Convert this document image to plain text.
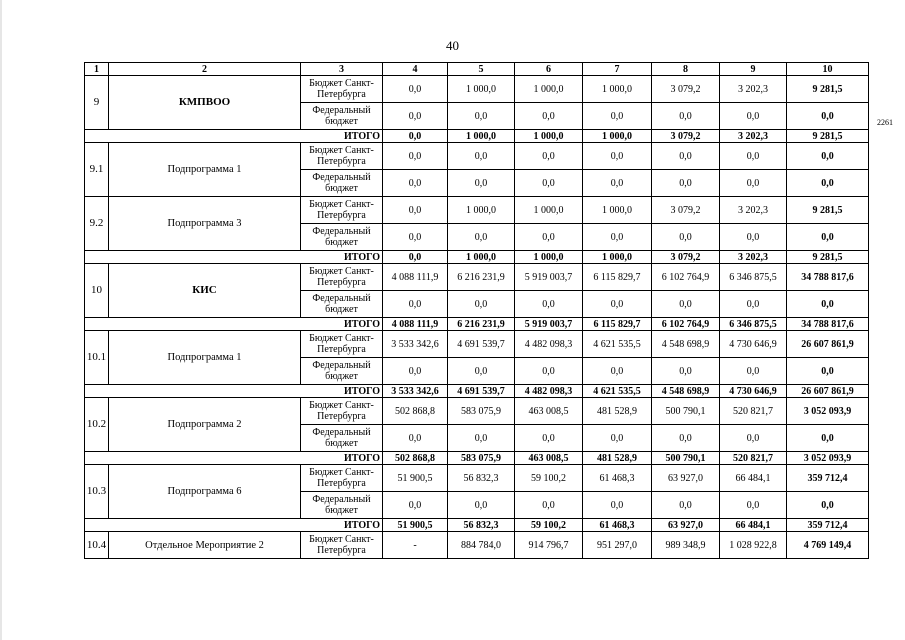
40
2261
1	2	3	4	5	6	7	8	9	10
9	КМПВОО	Бюджет Санкт-Петербурга	0,0	1 000,0	1 000,0	1 000,0	3 079,2	3 202,3	9 281,5
		Федеральный бюджет	0,0	0,0	0,0	0,0	0,0	0,0	0,0
ИТОГО			0,0	1 000,0	1 000,0	1 000,0	3 079,2	3 202,3	9 281,5
9.1	Подпрограмма 1	Бюджет Санкт-Петербурга	0,0	0,0	0,0	0,0	0,0	0,0	0,0
		Федеральный бюджет	0,0	0,0	0,0	0,0	0,0	0,0	0,0
9.2	Подпрограмма 3	Бюджет Санкт-Петербурга	0,0	1 000,0	1 000,0	1 000,0	3 079,2	3 202,3	9 281,5
		Федеральный бюджет	0,0	0,0	0,0	0,0	0,0	0,0	0,0
ИТОГО			0,0	1 000,0	1 000,0	1 000,0	3 079,2	3 202,3	9 281,5
10	КИС	Бюджет Санкт-Петербурга	4 088 111,9	6 216 231,9	5 919 003,7	6 115 829,7	6 102 764,9	6 346 875,5	34 788 817,6
		Федеральный бюджет	0,0	0,0	0,0	0,0	0,0	0,0	0,0
ИТОГО			4 088 111,9	6 216 231,9	5 919 003,7	6 115 829,7	6 102 764,9	6 346 875,5	34 788 817,6
10.1	Подпрограмма 1	Бюджет Санкт-Петербурга	3 533 342,6	4 691 539,7	4 482 098,3	4 621 535,5	4 548 698,9	4 730 646,9	26 607 861,9
		Федеральный бюджет	0,0	0,0	0,0	0,0	0,0	0,0	0,0
ИТОГО			3 533 342,6	4 691 539,7	4 482 098,3	4 621 535,5	4 548 698,9	4 730 646,9	26 607 861,9
10.2	Подпрограмма 2	Бюджет Санкт-Петербурга	502 868,8	583 075,9	463 008,5	481 528,9	500 790,1	520 821,7	3 052 093,9
		Федеральный бюджет	0,0	0,0	0,0	0,0	0,0	0,0	0,0
ИТОГО			502 868,8	583 075,9	463 008,5	481 528,9	500 790,1	520 821,7	3 052 093,9
10.3	Подпрограмма 6	Бюджет Санкт-Петербурга	51 900,5	56 832,3	59 100,2	61 468,3	63 927,0	66 484,1	359 712,4
		Федеральный бюджет	0,0	0,0	0,0	0,0	0,0	0,0	0,0
ИТОГО			51 900,5	56 832,3	59 100,2	61 468,3	63 927,0	66 484,1	359 712,4
10.4	Отдельное Мероприятие 2	Бюджет Санкт-Петербурга	-	884 784,0	914 796,7	951 297,0	989 348,9	1 028 922,8	4 769 149,4
